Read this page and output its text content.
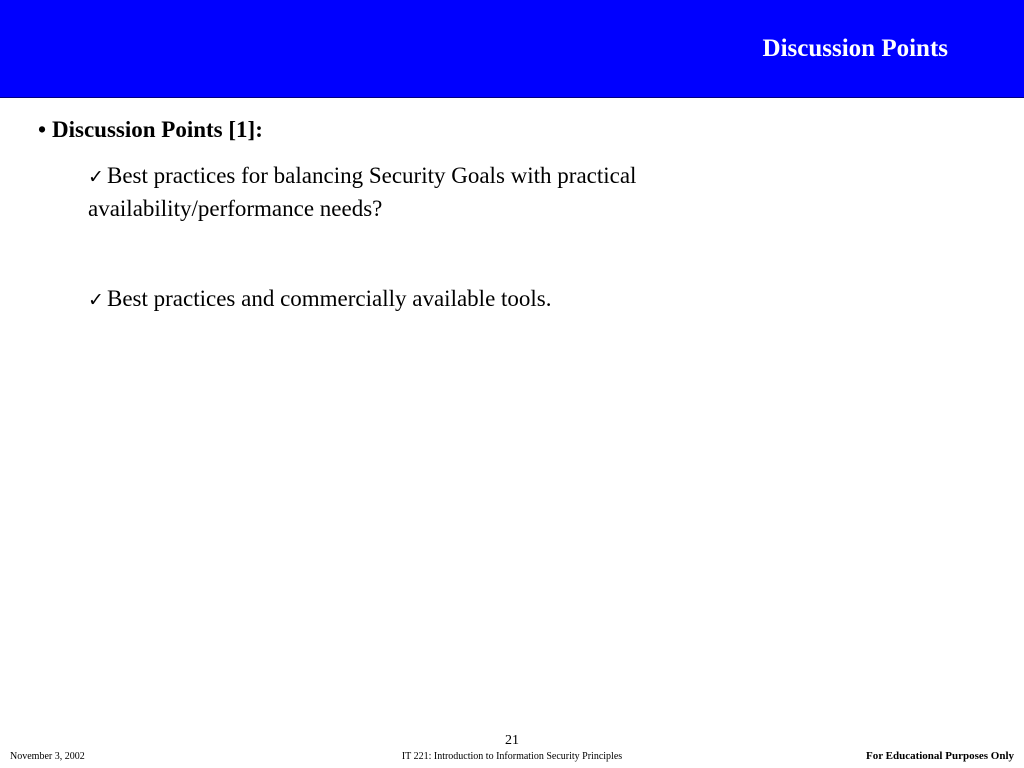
Discussion Points
• Discussion Points [1]:
✓ Best practices for balancing Security Goals with practical availability/performance needs?
✓ Best practices and commercially available tools.
21
November 3, 2002	IT 221: Introduction to Information Security Principles	For Educational Purposes Only
